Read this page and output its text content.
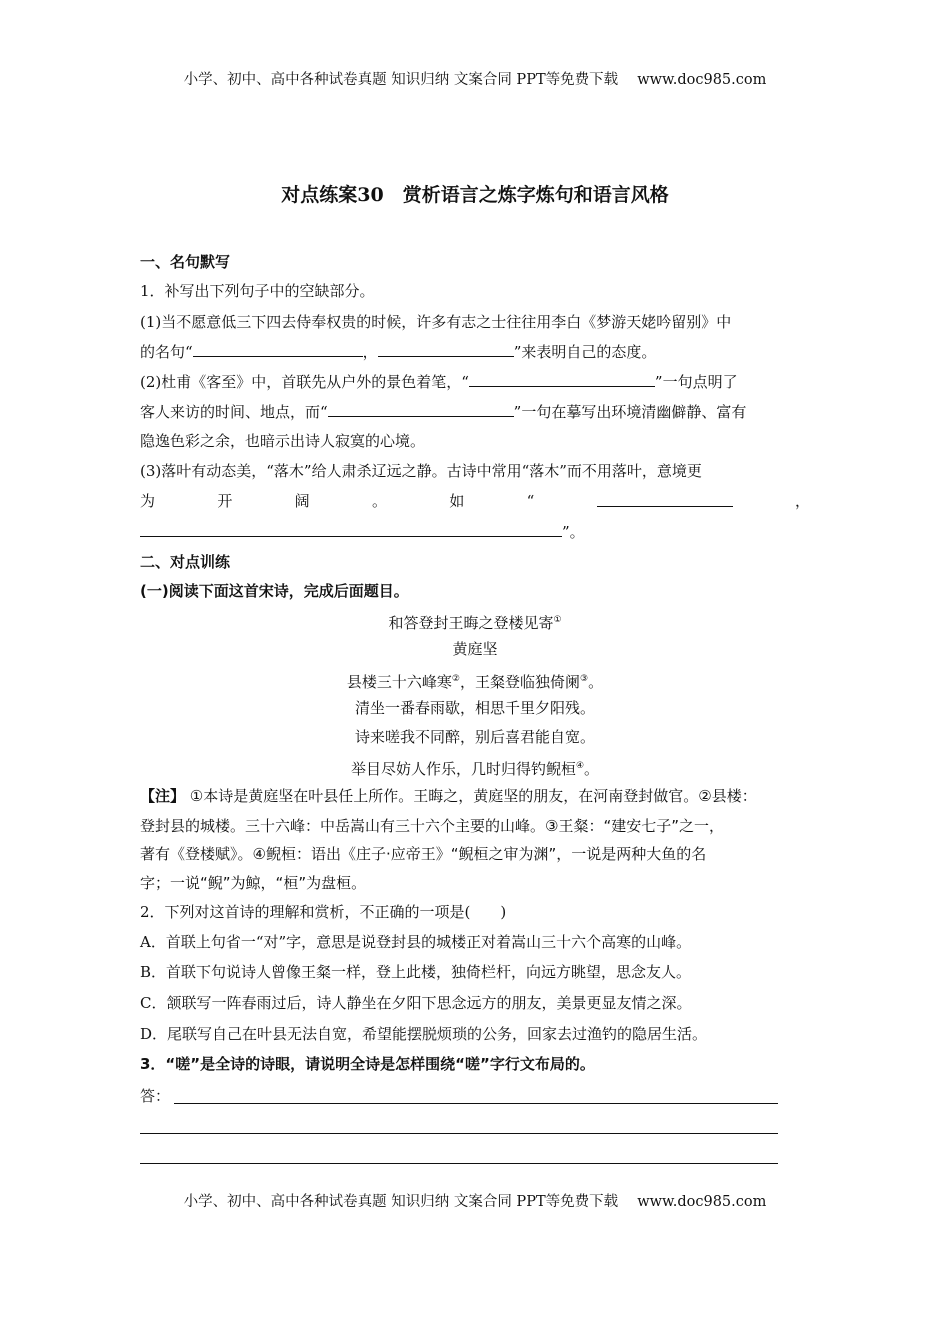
小学、初中、高中各种试卷真题 知识归纳 文案合同 PPT等免费下载　 www.doc985.com
对点练案30　赏析语言之炼字炼句和语言风格
一、名句默写
1．补写出下列句子中的空缺部分。
(1)当不愿意低三下四去侍奉权贵的时候，许多有志之士往往用李白《梦游天姥吟留别》中
的名句“	，	”来表明自己的态度。
(2)杜甫《客至》中，首联先从户外的景色着笔，“	”一句点明了
客人来访的时间、地点，而“	”一句在摹写出环境清幽僻静、富有
隐逸色彩之余，也暗示出诗人寂寞的心境。
(3)落叶有动态美，“落木”给人肃杀辽远之静。古诗中常用“落木”而不用落叶，意境更
为	开	阔	。	如	“	，
”。
二、对点训练
(一)阅读下面这首宋诗，完成后面题目。
和答登封王晦之登楼见寄①
黄庭坚
县楼三十六峰寒②，王粲登临独倚阑③。
清坐一番春雨歇，相思千里夕阳残。
诗来嗟我不同醉，别后喜君能自宽。
举目尽妨人作乐，几时归得钓鲵桓④。
【注】 ①本诗是黄庭坚在叶县任上所作。王晦之，黄庭坚的朋友，在河南登封做官。②县楼：
登封县的城楼。三十六峰：中岳嵩山有三十六个主要的山峰。③王粲：“建安七子”之一，
著有《登楼赋》。④鲵桓：语出《庄子·应帝王》“鲵桓之审为渊”，一说是两种大鱼的名
字；一说“鲵”为鲸，“桓”为盘桓。
2．下列对这首诗的理解和赏析，不正确的一项是(　　)
A．首联上句省一“对”字，意思是说登封县的城楼正对着嵩山三十六个高寒的山峰。
B．首联下句说诗人曾像王粲一样，登上此楼，独倚栏杆，向远方眺望，思念友人。
C．颔联写一阵春雨过后，诗人静坐在夕阳下思念远方的朋友，美景更显友情之深。
D．尾联写自己在叶县无法自宽，希望能摆脱烦琐的公务，回家去过渔钓的隐居生活。
3．“嗟”是全诗的诗眼，请说明全诗是怎样围绕“嗟”字行文布局的。
答：
小学、初中、高中各种试卷真题 知识归纳 文案合同 PPT等免费下载　 www.doc985.com
